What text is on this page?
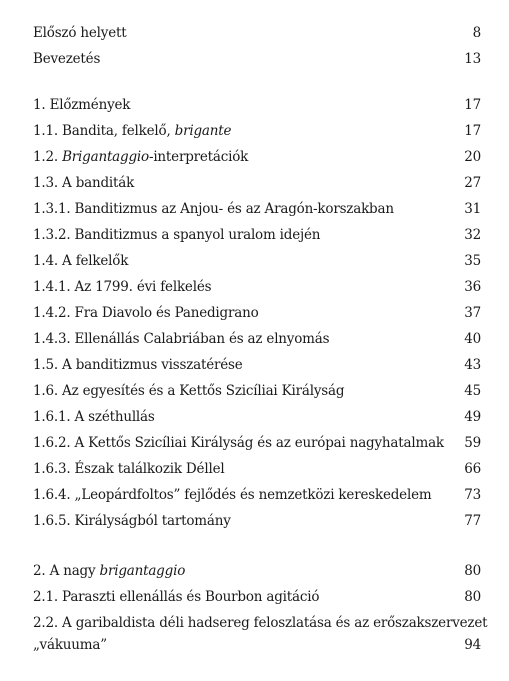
Előszó helyett	8
Bevezetés	13
1. Előzmények	17
1.1. Bandita, felkelő, brigante	17
1.2. Brigantaggio-interpretációk	20
1.3. A banditák	27
1.3.1. Banditizmus az Anjou- és az Aragón-korszakban	31
1.3.2. Banditizmus a spanyol uralom idején	32
1.4. A felkelők	35
1.4.1. Az 1799. évi felkelés	36
1.4.2. Fra Diavolo és Panedigrano	37
1.4.3. Ellenállás Calabriában és az elnyomás	40
1.5. A banditizmus visszatérése	43
1.6. Az egyesítés és a Kettős Szicíliai Királyság	45
1.6.1. A széthullás	49
1.6.2. A Kettős Szicíliai Királyság és az európai nagyhatalmak 59
1.6.3. Észak találkozik Déllel	66
1.6.4. „Leopárdfoltos” fejlődés és nemzetközi kereskedelem 73
1.6.5. Királyságból tartomány	77
2. A nagy brigantaggio	80
2.1. Paraszti ellenállás és Bourbon agitáció	80
2.2. A garibaldista déli hadsereg feloszlatása és az erőszakszervezet
„vákuuma”	94
